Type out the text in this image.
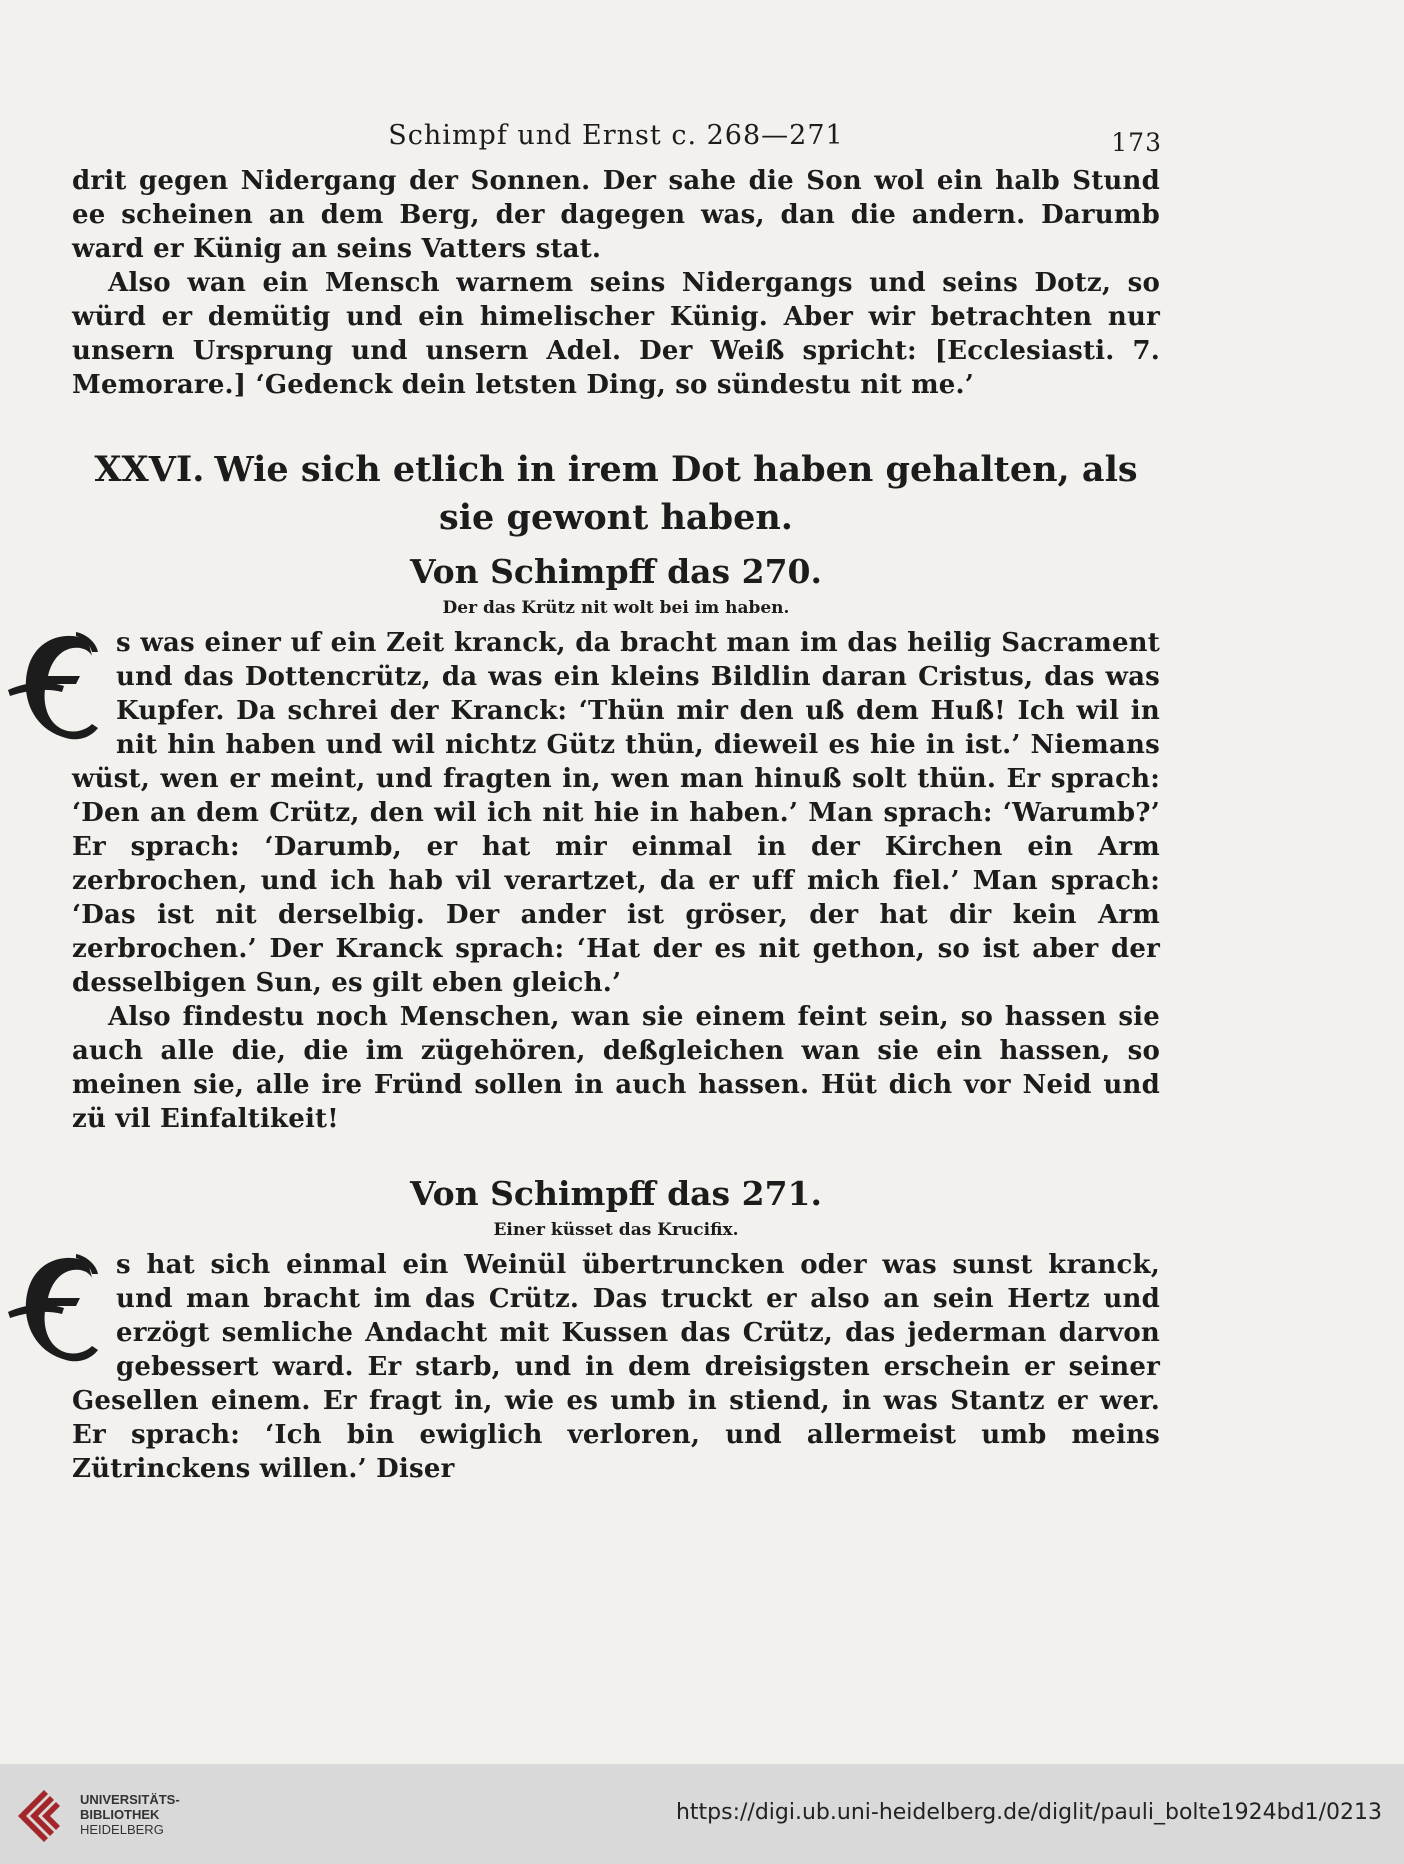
Schimpf und Ernst c. 268—271	173

drit gegen Nidergang der Sonnen. Der sahe die Son wol ein halb Stund ee scheinen an dem Berg, der dagegen was, dan die andern. Darumb ward er Künig an seins Vatters stat.

Also wan ein Mensch warnem seins Nidergangs und seins Dotz, so würd er demütig und ein himelischer Künig. Aber wir betrachten nur unsern Ursprung und unsern Adel. Der Weiß spricht: [Ecclesiasti. 7. Memorare.] ‘Gedenck dein letsten Ding, so sündestu nit me.’

XXVI. Wie sich etlich in irem Dot haben gehalten, als sie gewont haben.
Von Schimpff das 270.
Der das Krütz nit wolt bei im haben.

s was einer uf ein Zeit kranck, da bracht man im das heilig Sacrament und das Dottencrütz, da was ein kleins Bildlin daran Cristus, das was Kupfer. Da schrei der Kranck: ‘Thün mir den uß dem Huß! Ich wil in nit hin haben und wil nichtz Gütz thün, dieweil es hie in ist.’ Niemans wüst, wen er meint, und fragten in, wen man hinuß solt thün. Er sprach: ‘Den an dem Crütz, den wil ich nit hie in haben.’ Man sprach: ‘Warumb?’ Er sprach: ‘Darumb, er hat mir einmal in der Kirchen ein Arm zerbrochen, und ich hab vil verartzet, da er uff mich fiel.’ Man sprach: ‘Das ist nit derselbig. Der ander ist gröser, der hat dir kein Arm zerbrochen.’ Der Kranck sprach: ‘Hat der es nit gethon, so ist aber der desselbigen Sun, es gilt eben gleich.’

Also findestu noch Menschen, wan sie einem feint sein, so hassen sie auch alle die, die im zügehören, deßgleichen wan sie ein hassen, so meinen sie, alle ire Fründ sollen in auch hassen. Hüt dich vor Neid und zü vil Einfaltikeit!

Von Schimpff das 271.
Einer küsset das Krucifix.

s hat sich einmal ein Weinül übertruncken oder was sunst kranck, und man bracht im das Crütz. Das truckt er also an sein Hertz und erzögt semliche Andacht mit Kussen das Crütz, das jederman darvon gebessert ward. Er starb, und in dem dreisigsten erschein er seiner Gesellen einem. Er fragt in, wie es umb in stiend, in was Stantz er wer. Er sprach: ‘Ich bin ewiglich verloren, und allermeist umb meins Zütrinckens willen.’ Diser

UNIVERSITÄTS-
BIBLIOTHEK
HEIDELBERG
https://digi.ub.uni-heidelberg.de/diglit/pauli_bolte1924bd1/0213
